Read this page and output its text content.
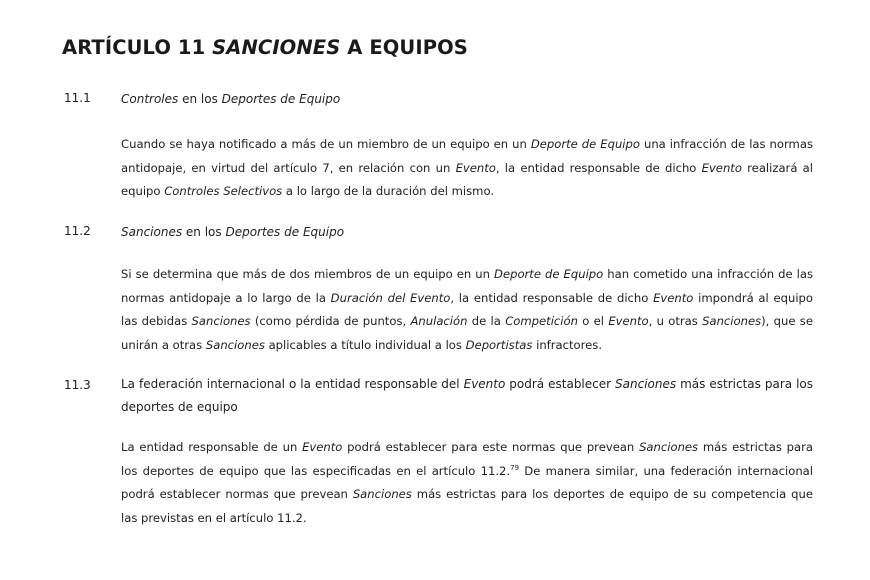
ARTÍCULO 11 SANCIONES A EQUIPOS
11.1	Controles en los Deportes de Equipo
Cuando se haya notificado a más de un miembro de un equipo en un Deporte de Equipo una infracción de las normas antidopaje, en virtud del artículo 7, en relación con un Evento, la entidad responsable de dicho Evento realizará al equipo Controles Selectivos a lo largo de la duración del mismo.
11.2	Sanciones en los Deportes de Equipo
Si se determina que más de dos miembros de un equipo en un Deporte de Equipo han cometido una infracción de las normas antidopaje a lo largo de la Duración del Evento, la entidad responsable de dicho Evento impondrá al equipo las debidas Sanciones (como pérdida de puntos, Anulación de la Competición o el Evento, u otras Sanciones), que se unirán a otras Sanciones aplicables a título individual a los Deportistas infractores.
11.3	La federación internacional o la entidad responsable del Evento podrá establecer Sanciones más estrictas para los deportes de equipo
La entidad responsable de un Evento podrá establecer para este normas que prevean Sanciones más estrictas para los deportes de equipo que las especificadas en el artículo 11.2.79 De manera similar, una federación internacional podrá establecer normas que prevean Sanciones más estrictas para los deportes de equipo de su competencia que las previstas en el artículo 11.2.
